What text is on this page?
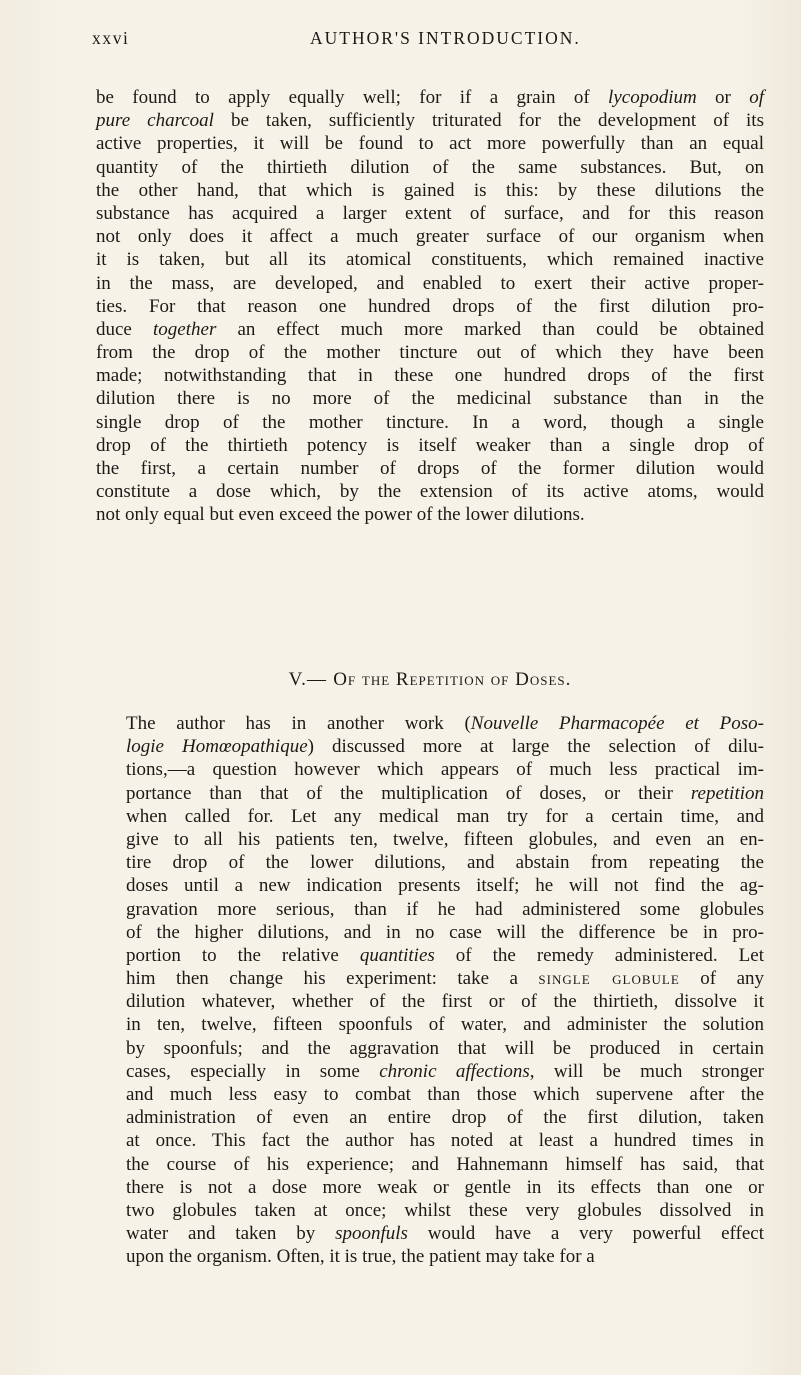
xxvi	AUTHOR'S INTRODUCTION.
be found to apply equally well; for if a grain of lycopodium or of
pure charcoal be taken, sufficiently triturated for the development of its
active properties, it will be found to act more powerfully than an equal
quantity of the thirtieth dilution of the same substances. But, on
the other hand, that which is gained is this: by these dilutions the
substance has acquired a larger extent of surface, and for this reason
not only does it affect a much greater surface of our organism when
it is taken, but all its atomical constituents, which remained inactive
in the mass, are developed, and enabled to exert their active proper-
ties. For that reason one hundred drops of the first dilution pro-
duce together an effect much more marked than could be obtained
from the drop of the mother tincture out of which they have been
made; notwithstanding that in these one hundred drops of the first
dilution there is no more of the medicinal substance than in the
single drop of the mother tincture. In a word, though a single
drop of the thirtieth potency is itself weaker than a single drop of
the first, a certain number of drops of the former dilution would
constitute a dose which, by the extension of its active atoms, would
not only equal but even exceed the power of the lower dilutions.
V.— Of the Repetition of Doses.
The author has in another work (Nouvelle Pharmacopée et Poso-
logie Homœopathique) discussed more at large the selection of dilu-
tions,—a question however which appears of much less practical im-
portance than that of the multiplication of doses, or their repetition
when called for. Let any medical man try for a certain time, and
give to all his patients ten, twelve, fifteen globules, and even an en-
tire drop of the lower dilutions, and abstain from repeating the
doses until a new indication presents itself; he will not find the ag-
gravation more serious, than if he had administered some globules
of the higher dilutions, and in no case will the difference be in pro-
portion to the relative quantities of the remedy administered. Let
him then change his experiment: take a single globule of any
dilution whatever, whether of the first or of the thirtieth, dissolve it
in ten, twelve, fifteen spoonfuls of water, and administer the solution
by spoonfuls; and the aggravation that will be produced in certain
cases, especially in some chronic affections, will be much stronger
and much less easy to combat than those which supervene after the
administration of even an entire drop of the first dilution, taken
at once. This fact the author has noted at least a hundred times in
the course of his experience; and Hahnemann himself has said, that
there is not a dose more weak or gentle in its effects than one or
two globules taken at once; whilst these very globules dissolved in
water and taken by spoonfuls would have a very powerful effect
upon the organism. Often, it is true, the patient may take for a
